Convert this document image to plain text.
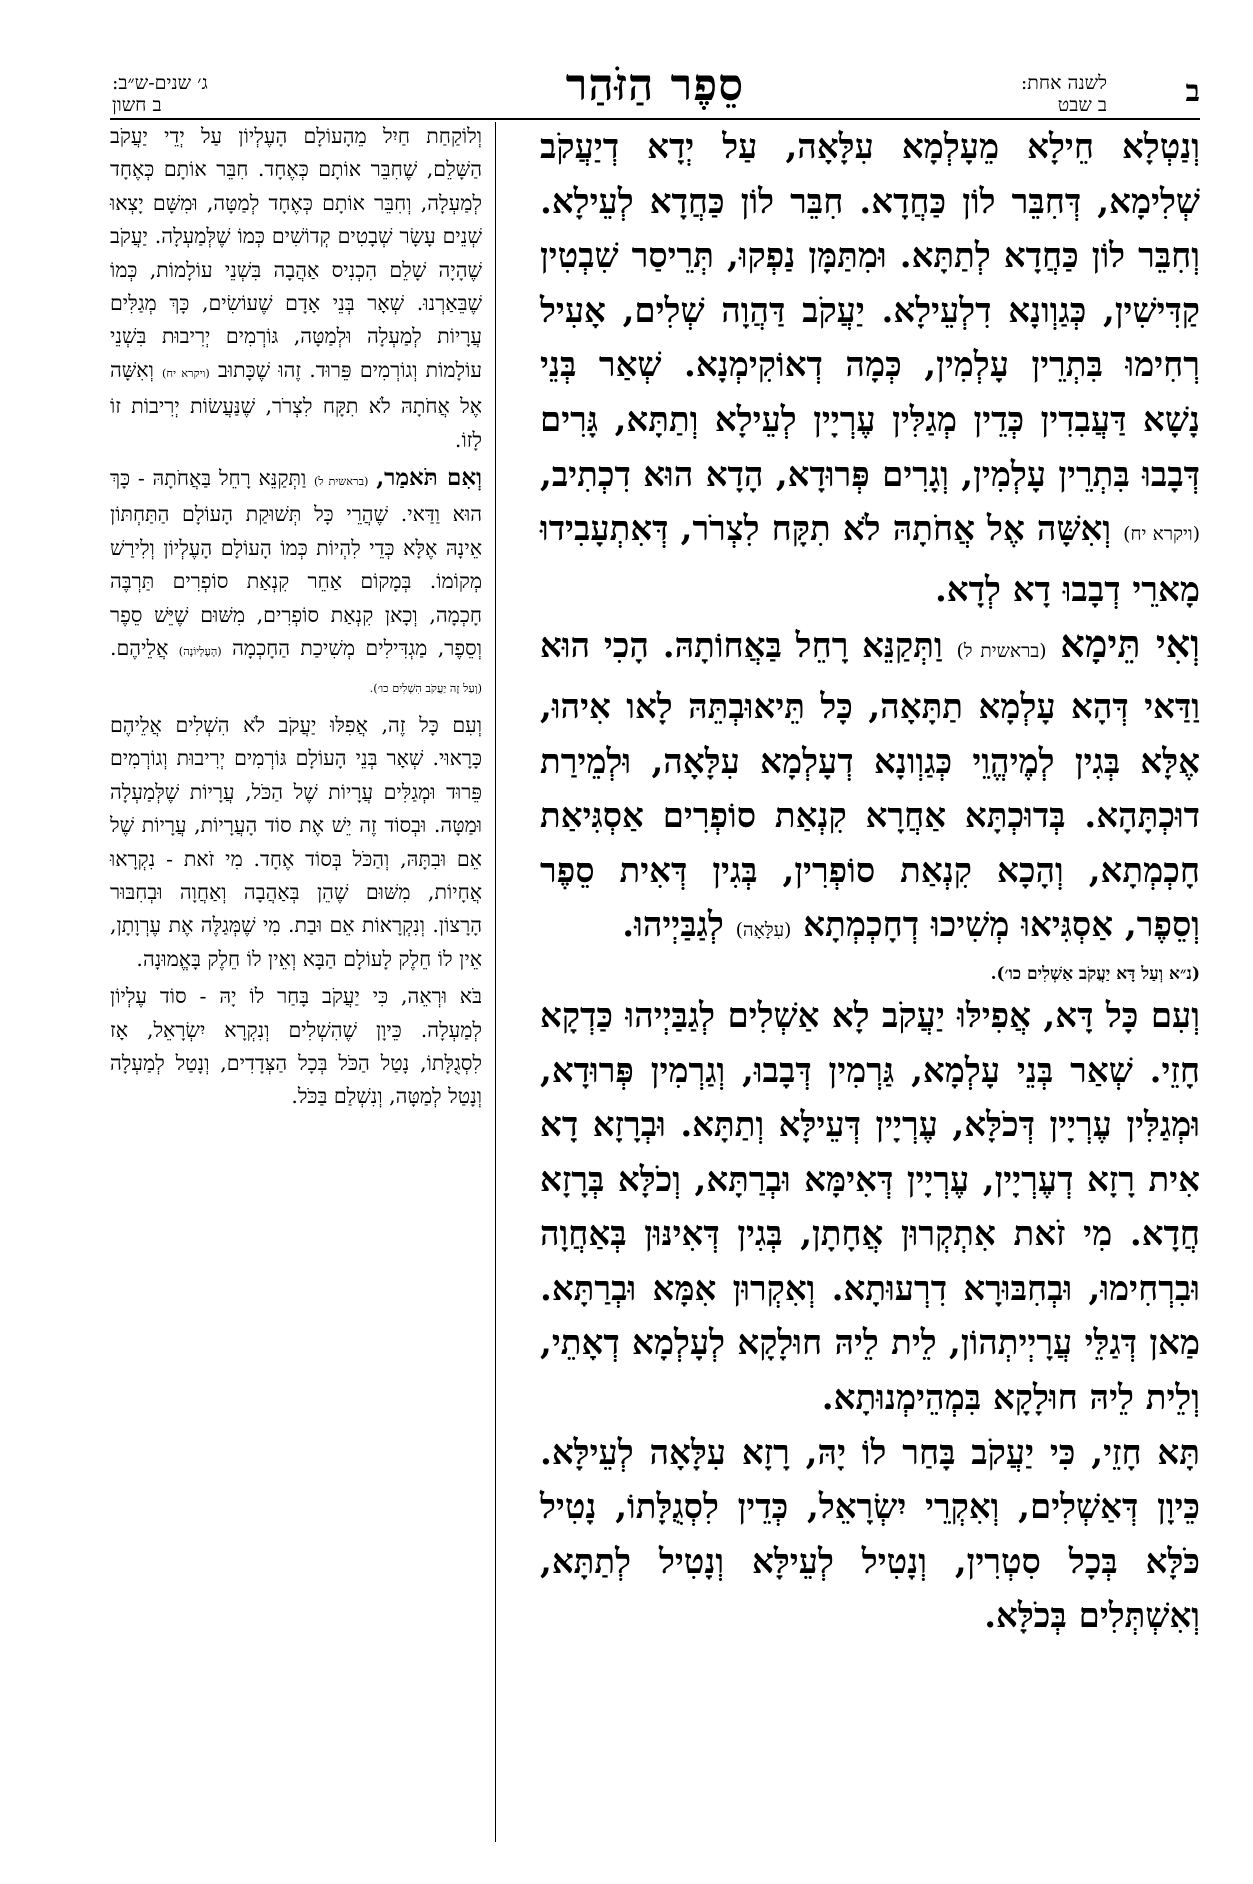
ב
לשנה אחת:
ב שבט
סֵפֶר הַזֹּהַר
ג׳ שנים-ש״ב:
ב חשון

וְנַטְלָא חֵילָא מֵעָלְמָא עִלָּאָה, עַל יְדָא דְיַעֲקֹב שְׁלִימָא, דְּחִבֵּר לוֹן כַּחֲדָא. חִבֵּר לוֹן כַּחֲדָא לְעֵילָא. וְחִבֵּר לוֹן כַּחֲדָא לְתַתָּא. וּמִתַּמָּן נַפְקוּ, תְּרֵיסַר שִׁבְטִין קַדִּישִׁין, כְּגַוְונָא דִלְעֵילָא. יַעֲקֹב דַּהֲוָה שְׁלִים, אָעִיל רְחִימוּ בִּתְרֵין עָלְמִין, כְּמָה דְאוֹקִימְנָא. שְׁאַר בְּנֵי נָשָׁא דַּעֲבִדִין כְּדֵין מְגַלִּין עֶרְיָין לְעֵילָא וְתַתָּא, גָּרִים דְּבָבוּ בִּתְרֵין עָלְמִין, וְגָרִים פְּרוּדָא, הָדָא הוּא דִכְתִיב, (ויקרא יח) וְאִשָּׁה אֶל אֲחֹתָהּ לֹא תִקָּח לִצְרֹר, דְּאִתְעָבִידוּ מָארֵי דְבָבוּ דָא לְדָא.

וְאִי תֵּימָא (בראשית ל) וַתְּקַנֵּא רָחֵל בַּאֲחוֹתָהּ. הָכִי הוּא וַדַּאי דְּהָא עָלְמָא תַתָּאָה, כָּל תֵּיאוּבְתֵּהּ לָאו אִיהוּ, אֶלָּא בְּגִין לְמֶיהֱוֵי כְּגַוְונָא דְעָלְמָא עִלָּאָה, וּלְמֵירַת דוּכְתָּהָא. בְּדוּכְתָּא אַחֲרָא קִנְאַת סוֹפְרִים אַסְגִּיאַת חָכְמְתָא, וְהָכָא קִנְאַת סוֹפְרִין, בְּגִין דְּאִית סֵפֶר וְסֵפֶר, אַסְגִּיאוּ מְשִׁיכוּ דְחָכְמְתָא (עִלָּאָה) לְגַבַּיְיהוּ.
(נ״א וְעַל דָּא יַעֲקֹב אַשְׁלִים כו׳).

וְעִם כָּל דָּא, אֲפִילּוּ יַעֲקֹב לָא אַשְׁלִים לְגַבַּיְיהוּ כַּדְקָא חָזֵי. שְׁאַר בְּנֵי עָלְמָא, גַּרְמִין דְּבָבוּ, וְגַרְמִין פְּרוּדָא, וּמְגַלִּין עֶרְיָין דְּכֹלָּא, עֶרְיָין דְּעֵילָּא וְתַתָּא. וּבְרָזָא דָא אִית רָזָא דְעֶרְיָין, עֶרְיָין דְּאִימָּא וּבְרַתָּא, וְכֹלָּא בְּרָזָא חֲדָא. מִי זֹאת אִתְקְרוּן אֲחָתָן, בְּגִין דְּאִינּוּן בְּאַחֲוָה וּבִרְחִימוּ, וּבְחִבּוּרָא דִרְעוּתָא. וְאִקְרוּן אִמָּא וּבְרַתָּא. מַאן דְּגַלֵּי עֲרָיְיתְהוֹן, לֵית לֵיהּ חוּלָקָא לְעָלְמָא דְאָתֵי, וְלֵית לֵיהּ חוּלָקָא בִּמְהֵימְנוּתָא.

תָּא חָזֵי, כִּי יַעֲקֹב בָּחַר לוֹ יָהּ, רָזָא עִלָּאָה לְעֵילָּא. כֵּיוָן דְּאַשְׁלִים, וְאִקְרֵי יִשְׂרָאֵל, כְּדֵין לִסְגֻלָּתוֹ, נָטִיל כֹּלָּא בְּכָל סִטְרִין, וְנָטִיל לְעֵילָּא וְנָטִיל לְתַתָּא, וְאִשְׁתְּלִים בְּכֹלָּא.

וְלוֹקַחַת חַיִל מֵהָעוֹלָם הָעֶלְיוֹן עַל יְדֵי יַעֲקֹב הַשָּׁלֵם, שֶׁחִבֵּר אוֹתָם כְּאֶחָד. חִבֵּר אוֹתָם כְּאֶחָד לְמַעְלָה, וְחִבֵּר אוֹתָם כְּאֶחָד לְמַטָּה, וּמִשָּׁם יָצְאוּ שְׁנֵים עָשָׂר שְׁבָטִים קְדוֹשִׁים כְּמוֹ שֶׁלְּמַעְלָה. יַעֲקֹב שֶׁהָיָה שָׁלֵם הִכְנִיס אַהֲבָה בִּשְׁנֵי עוֹלָמוֹת, כְּמוֹ שֶׁבֵּאַרְנוּ. שְׁאָר בְּנֵי אָדָם שֶׁעוֹשִׂים, כָּךְ מְגַלִּים עֲרָיוֹת לְמַעְלָה וּלְמַטָּה, גּוֹרְמִים יְרִיבוּת בִּשְׁנֵי עוֹלָמוֹת וְגוֹרְמִים פֵּרוּד. זֶהוּ שֶׁכָּתוּב (ויקרא יח) וְאִשָּׁה אֶל אֲחֹתָהּ לֹא תִקָּח לִצְרֹר, שֶׁנַּעֲשׂוֹת יְרִיבוֹת זוֹ לָזוֹ.

וְאִם תֹּאמַר, (בראשית ל) וַתְּקַנֵּא רָחֵל בַּאֲחֹתָהּ - כָּךְ הוּא וַדַּאי. שֶׁהֲרֵי כָּל תְּשׁוּקַת הָעוֹלָם הַתַּחְתּוֹן אֵינָהּ אֶלָּא כְּדֵי לִהְיוֹת כְּמוֹ הָעוֹלָם הָעֶלְיוֹן וְלִירַשׁ מְקוֹמוֹ. בְּמָקוֹם אַחֵר קִנְאַת סוֹפְרִים תַּרְבֶּה חָכְמָה, וְכָאן קִנְאַת סוֹפְרִים, מִשּׁוּם שֶׁיֵּשׁ סֵפֶר וְסֵפֶר, מַגְדִּילִים מְשִׁיכַת הַחָכְמָה (הָעֶלְיוֹנָה) אֲלֵיהֶם. (וְעַל זֶה יַעֲקֹב הִשְׁלִים כו׳).

וְעִם כָּל זֶה, אֲפִלּוּ יַעֲקֹב לֹא הִשְׁלִים אֲלֵיהֶם כָּרָאוּי. שְׁאָר בְּנֵי הָעוֹלָם גּוֹרְמִים יְרִיבוּת וְגוֹרְמִים פֵּרוּד וּמְגַלִּים עֲרָיוֹת שֶׁל הַכֹּל, עֲרָיוֹת שֶׁלְּמַעְלָה וּמַטָּה. וּבְסוֹד זֶה יֵשׁ אֶת סוֹד הָעֲרָיוֹת, עֲרָיוֹת שֶׁל אֵם וּבִתָּהּ, וְהַכֹּל בְּסוֹד אֶחָד. מִי זֹאת - נִקְרָאוּ אֲחָיוֹת, מִשּׁוּם שֶׁהֵן בְּאַהֲבָה וְאַחֲוָה וּבְחִבּוּר הָרָצוֹן. וְנִקְרָאוֹת אֵם וּבַת. מִי שֶׁמְּגַלֶּה אֶת עֶרְוָתָן, אֵין לוֹ חֵלֶק לָעוֹלָם הַבָּא וְאֵין לוֹ חֵלֶק בָּאֱמוּנָה.

בֹּא וּרְאֵה, כִּי יַעֲקֹב בָּחַר לוֹ יָהּ - סוֹד עֶלְיוֹן לְמַעְלָה. כֵּיוָן שֶׁהִשְׁלִים וְנִקְרָא יִשְׂרָאֵל, אָז לִסְגֻלָּתוֹ, נָטַל הַכֹּל בְּכָל הַצְּדָדִים, וְנָטַל לְמַעְלָה וְנָטַל לְמַטָּה, וְנִשְׁלַם בַּכֹּל.
